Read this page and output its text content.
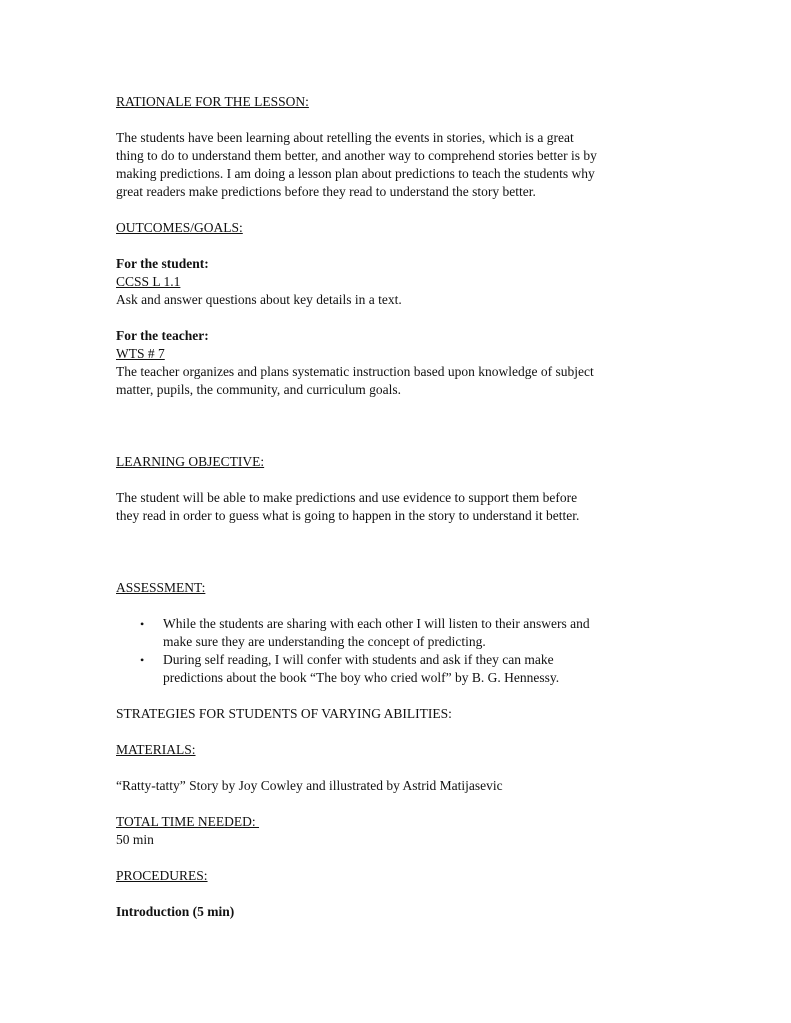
RATIONALE FOR THE LESSON:

The students have been learning about retelling the events in stories, which is a great

thing to do to understand them better, and another way to comprehend stories better is by

making predictions. I am doing a lesson plan about predictions to teach the students why

great readers make predictions before they read to understand the story better.

OUTCOMES/GOALS:

For the student:

CCSS L 1.1

Ask and answer questions about key details in a text.

For the teacher:

WTS # 7

The teacher organizes and plans systematic instruction based upon knowledge of subject

matter, pupils, the community, and curriculum goals.

LEARNING OBJECTIVE:

The student will be able to make predictions and use evidence to support them before

they read in order to guess what is going to happen in the story to understand it better.

ASSESSMENT:

• While the students are sharing with each other I will listen to their answers and

make sure they are understanding the concept of predicting.

• During self reading, I will confer with students and ask if they can make

predictions about the book “The boy who cried wolf” by B. G. Hennessy.

STRATEGIES FOR STUDENTS OF VARYING ABILITIES:

MATERIALS:

“Ratty-tatty” Story by Joy Cowley and illustrated by Astrid Matijasevic

TOTAL TIME NEEDED:

50 min

PROCEDURES:

Introduction (5 min)
